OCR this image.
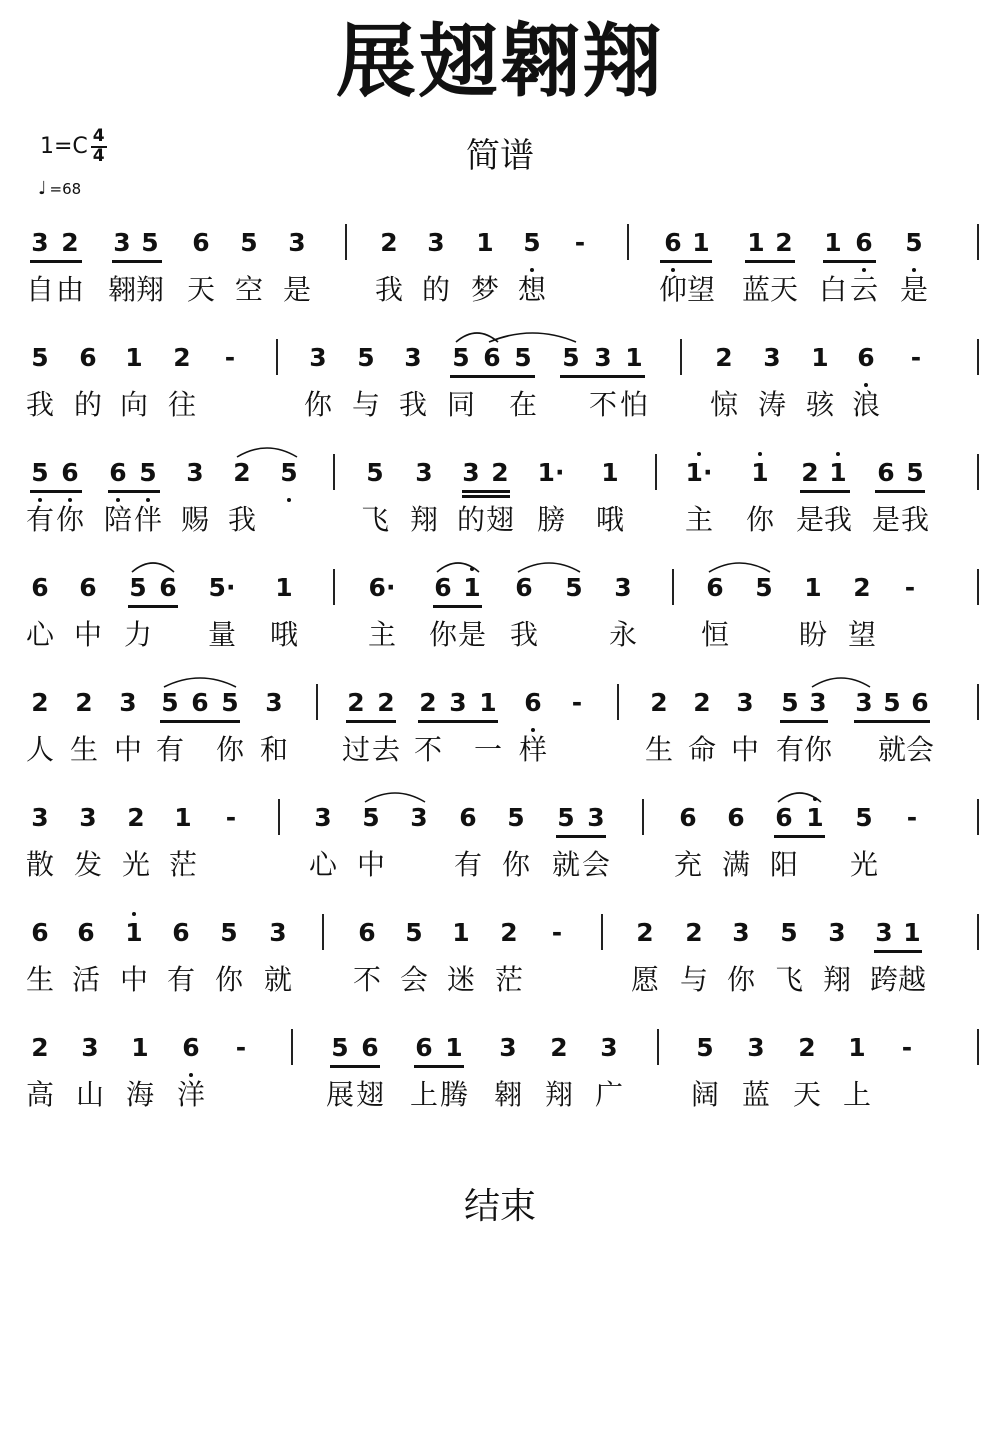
展翅翱翔
简谱
$1=C \frac{4}{4}$
♩ =68
3 2 3 5 6 5 3	2 3 1 5 -	6 1 1 2 1 6 5
自 由 翱 翔 天 空 是 我 的 梦 想	仰 望 蓝 天 白 云 是
5 6 1 2 -	3 5 3 5 6 5 5 3 1	2 3 1 6 -
我 的 向 往	你 与 我 同 在 不 怕 惊 涛 骇 浪
5 6 6 5 3 2 5	5 3 3 2 1· 1	1· 1 2 1 6 5
有 你 陪 伴 赐 我	飞 翔 的 翅 膀 哦 主 你 是 我 是 我
6 6 5 6 5· 1	6· 6 1 6 5 3	6 5 1 2 -
心 中 力 量 哦 主 你 是 我	永 恒 盼 望
2 2 3 5 6 5 3	2 2 2 3 1 6 -	2 2 3 5 3 3 5 6
人 生 中 有 你 和 过 去 不 一 样	生 命 中 有 你 就 会
3 3 2 1 -	3 5 3 6 5 5 3	6 6 6 1 5 -
散 发 光 茫	心 中 有 你 就 会 充 满 阳 光
6 6 1 6 5 3	6 5 1 2 -	2 2 3 5 3 3 1
生 活 中 有 你 就 不 会 迷 茫	愿 与 你 飞 翔 跨 越
2 3 1 6 -	5 6 6 1 3 2 3	5 3 2 1 -
高 山 海 洋	展 翅 上 腾 翱 翔 广 阔 蓝 天 上
结束
